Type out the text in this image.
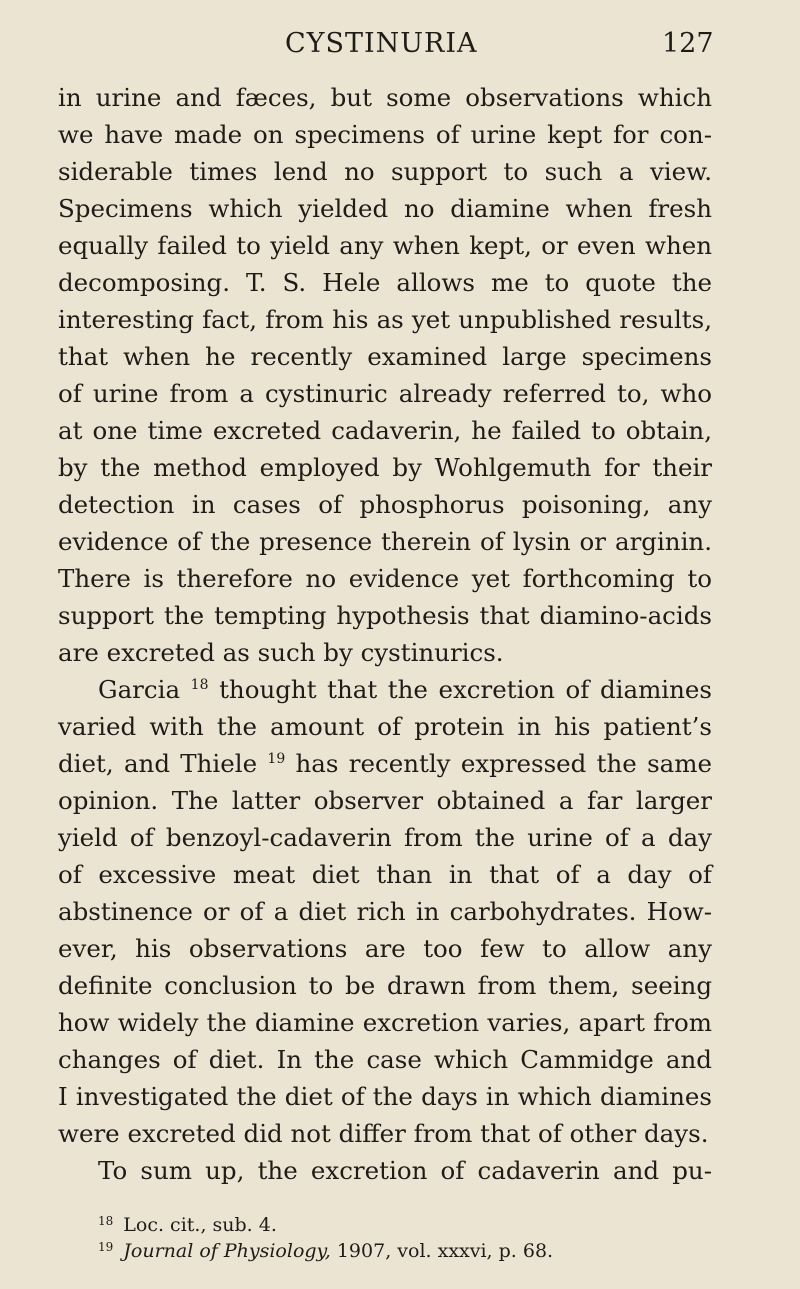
CYSTINURIA	127
in urine and fæces, but some observations which
we have made on specimens of urine kept for con-
siderable times lend no support to such a view.
Specimens which yielded no diamine when fresh
equally failed to yield any when kept, or even when
decomposing. T. S. Hele allows me to quote the
interesting fact, from his as yet unpublished results,
that when he recently examined large specimens
of urine from a cystinuric already referred to, who
at one time excreted cadaverin, he failed to obtain,
by the method employed by Wohlgemuth for their
detection in cases of phosphorus poisoning, any
evidence of the presence therein of lysin or arginin.
There is therefore no evidence yet forthcoming to
support the tempting hypothesis that diamino-acids
are excreted as such by cystinurics.
Garcia $^{18}$ thought that the excretion of diamines
varied with the amount of protein in his patient’s
diet, and Thiele $^{19}$ has recently expressed the same
opinion. The latter observer obtained a far larger
yield of benzoyl-cadaverin from the urine of a day
of excessive meat diet than in that of a day of
abstinence or of a diet rich in carbohydrates. How-
ever, his observations are too few to allow any
definite conclusion to be drawn from them, seeing
how widely the diamine excretion varies, apart from
changes of diet. In the case which Cammidge and
I investigated the diet of the days in which diamines
were excreted did not differ from that of other days.
To sum up, the excretion of cadaverin and pu-
$^{18}$ Loc. cit., sub. 4.
$^{19}$ Journal of Physiology, 1907, vol. xxxvi, p. 68.
